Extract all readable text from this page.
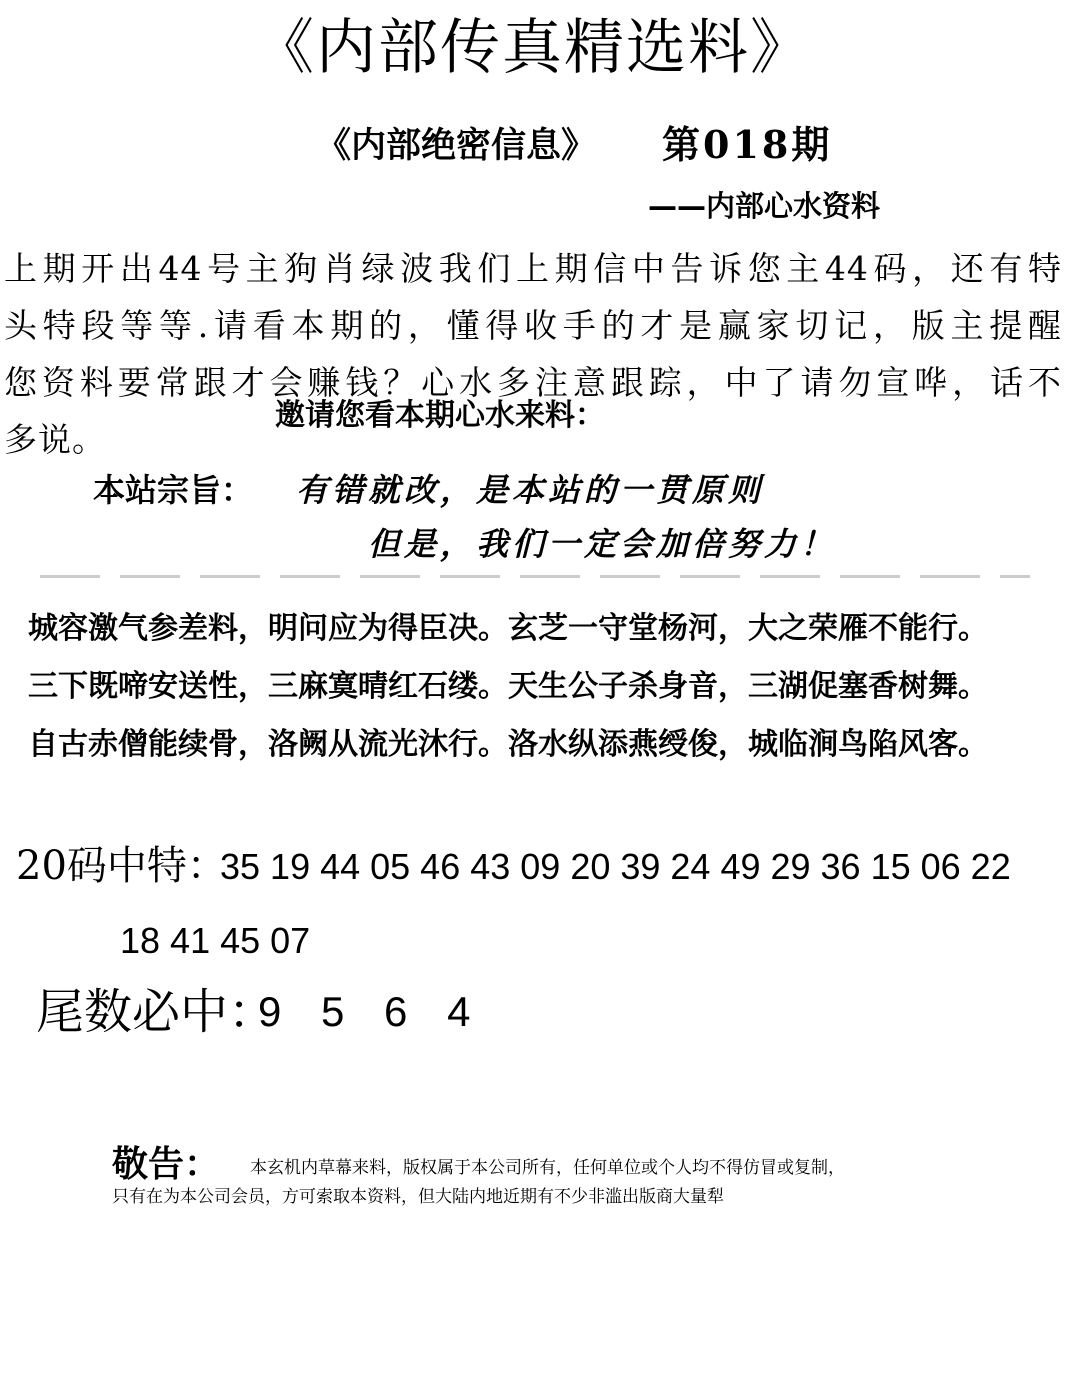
《内部传真精选料》
《内部绝密信息》 第018期
——内部心水资料
上期开出44号主狗肖绿波我们上期信中告诉您主44码，还有特
头特段等等.请看本期的，懂得收手的才是赢家切记，版主提醒
您资料要常跟才会赚钱？心水多注意跟踪，中了请勿宣哗，话不
多说。
邀请您看本期心水来料：
本站宗旨： 有错就改，是本站的一贯原则
但是，我们一定会加倍努力！
城容激气参差料，明问应为得臣决。玄芝一守堂杨河，大之荣雁不能行。
三下既啼安送性，三麻寞晴红石缕。天生公子杀身音，三湖促塞香树舞。
自古赤僧能续骨，洛阙从流光沐行。洛水纵添燕绶俊，城临涧鸟陷风客。
20码中特：
35 19 44 05 46 43 09 20 39 24 49 29 36 15 06 22
18 41 45 07
尾数必中：
9 5 6 4
敬告： 本玄机内草幕来料，版权属于本公司所有，任何单位或个人均不得仿冒或复制，
只有在为本公司会员，方可索取本资料，但大陆内地近期有不少非滥出版商大量犁
